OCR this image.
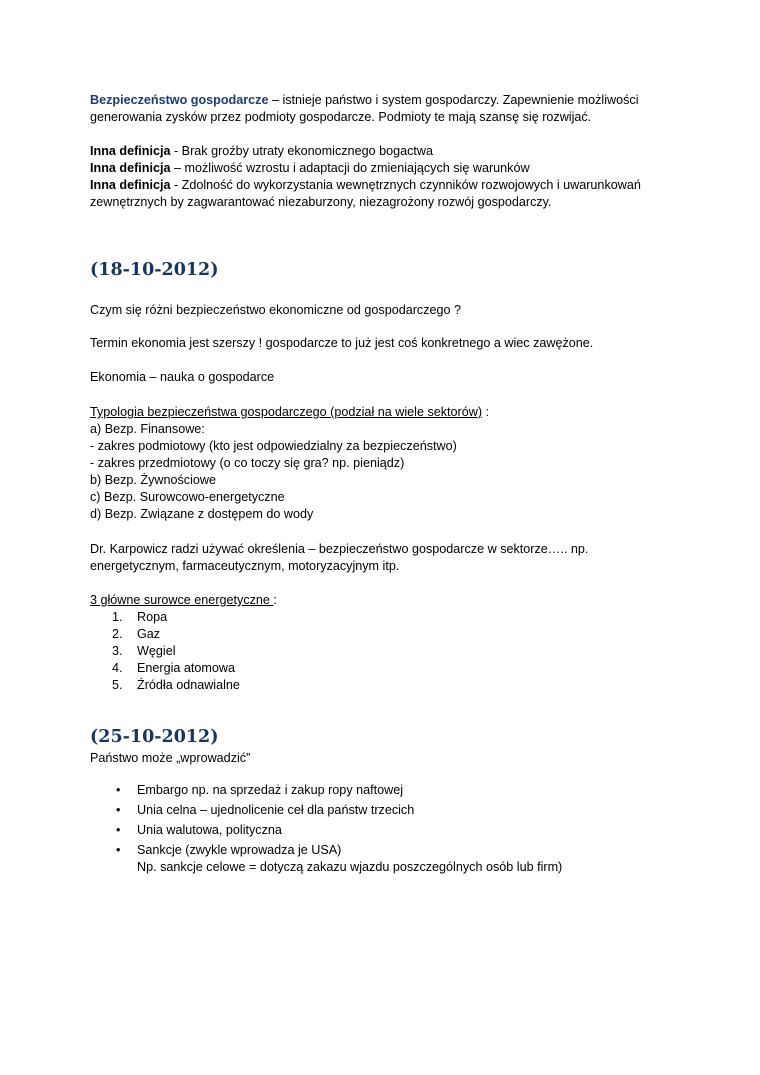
Bezpieczeństwo gospodarcze – istnieje państwo i system gospodarczy. Zapewnienie możliwości

generowania zysków przez podmioty gospodarcze. Podmioty te mają szansę się rozwijać.

Inna definicja - Brak groźby utraty ekonomicznego bogactwa

Inna definicja – możliwość wzrostu i adaptacji do zmieniających się warunków

Inna definicja - Zdolność do wykorzystania wewnętrznych czynników rozwojowych i uwarunkowań

zewnętrznych by zagwarantować niezaburzony, niezagrożony rozwój gospodarczy.

(18-10-2012)

Czym się różni bezpieczeństwo ekonomiczne od gospodarczego ?

Termin ekonomia jest szerszy ! gospodarcze to już jest coś konkretnego a wiec zawężone.

Ekonomia – nauka o gospodarce

Typologia bezpieczeństwa gospodarczego (podział na wiele sektorów) :

a) Bezp. Finansowe:

- zakres podmiotowy (kto jest odpowiedzialny za bezpieczeństwo)

- zakres przedmiotowy (o co toczy się gra? np. pieniądz)

b) Bezp. Żywnościowe

c) Bezp. Surowcowo-energetyczne

d) Bezp. Związane z dostępem do wody

Dr. Karpowicz radzi używać określenia – bezpieczeństwo gospodarcze w sektorze….. np.

energetycznym, farmaceutycznym, motoryzacyjnym itp.

3 główne surowce energetyczne :

1. Ropa
2. Gaz
3. Węgiel
4. Energia atomowa
5. Źródła odnawialne
(25-10-2012)

Państwo może „wprowadzić”

• Embargo np. na sprzedaż i zakup ropy naftowej
• Unia celna – ujednolicenie ceł dla państw trzecich
• Unia walutowa, polityczna
• Sankcje (zwykle wprowadza je USA)
Np. sankcje celowe = dotyczą zakazu wjazdu poszczególnych osób lub firm)
